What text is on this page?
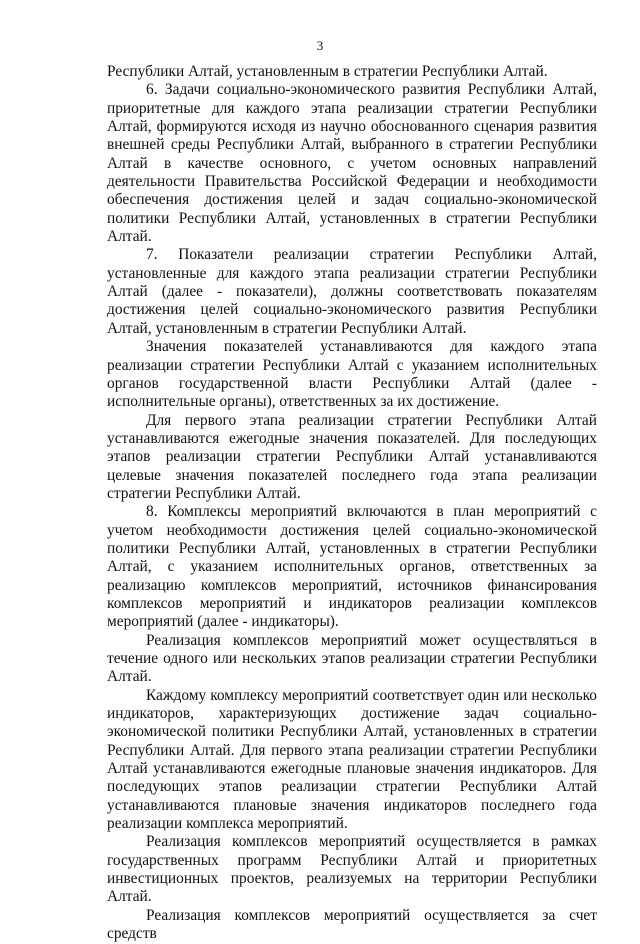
3

Республики Алтай, установленным в стратегии Республики Алтай.

6. Задачи социально-экономического развития Республики Алтай, приоритетные для каждого этапа реализации стратегии Республики Алтай, формируются исходя из научно обоснованного сценария развития внешней среды Республики Алтай, выбранного в стратегии Республики Алтай в качестве основного, с учетом основных направлений деятельности Правительства Российской Федерации и необходимости обеспечения достижения целей и задач социально-экономической политики Республики Алтай, установленных в стратегии Республики Алтай.

7. Показатели реализации стратегии Республики Алтай, установленные для каждого этапа реализации стратегии Республики Алтай (далее - показатели), должны соответствовать показателям достижения целей социально-экономического развития Республики Алтай, установленным в стратегии Республики Алтай.

Значения показателей устанавливаются для каждого этапа реализации стратегии Республики Алтай с указанием исполнительных органов государственной власти Республики Алтай (далее - исполнительные органы), ответственных за их достижение.

Для первого этапа реализации стратегии Республики Алтай устанавливаются ежегодные значения показателей. Для последующих этапов реализации стратегии Республики Алтай устанавливаются целевые значения показателей последнего года этапа реализации стратегии Республики Алтай.

8. Комплексы мероприятий включаются в план мероприятий с учетом необходимости достижения целей социально-экономической политики Республики Алтай, установленных в стратегии Республики Алтай, с указанием исполнительных органов, ответственных за реализацию комплексов мероприятий, источников финансирования комплексов мероприятий и индикаторов реализации комплексов мероприятий (далее - индикаторы).

Реализация комплексов мероприятий может осуществляться в течение одного или нескольких этапов реализации стратегии Республики Алтай.

Каждому комплексу мероприятий соответствует один или несколько индикаторов, характеризующих достижение задач социально-экономической политики Республики Алтай, установленных в стратегии Республики Алтай. Для первого этапа реализации стратегии Республики Алтай устанавливаются ежегодные плановые значения индикаторов. Для последующих этапов реализации стратегии Республики Алтай устанавливаются плановые значения индикаторов последнего года реализации комплекса мероприятий.

Реализация комплексов мероприятий осуществляется в рамках государственных программ Республики Алтай и приоритетных инвестиционных проектов, реализуемых на территории Республики Алтай.

Реализация комплексов мероприятий осуществляется за счет средств
